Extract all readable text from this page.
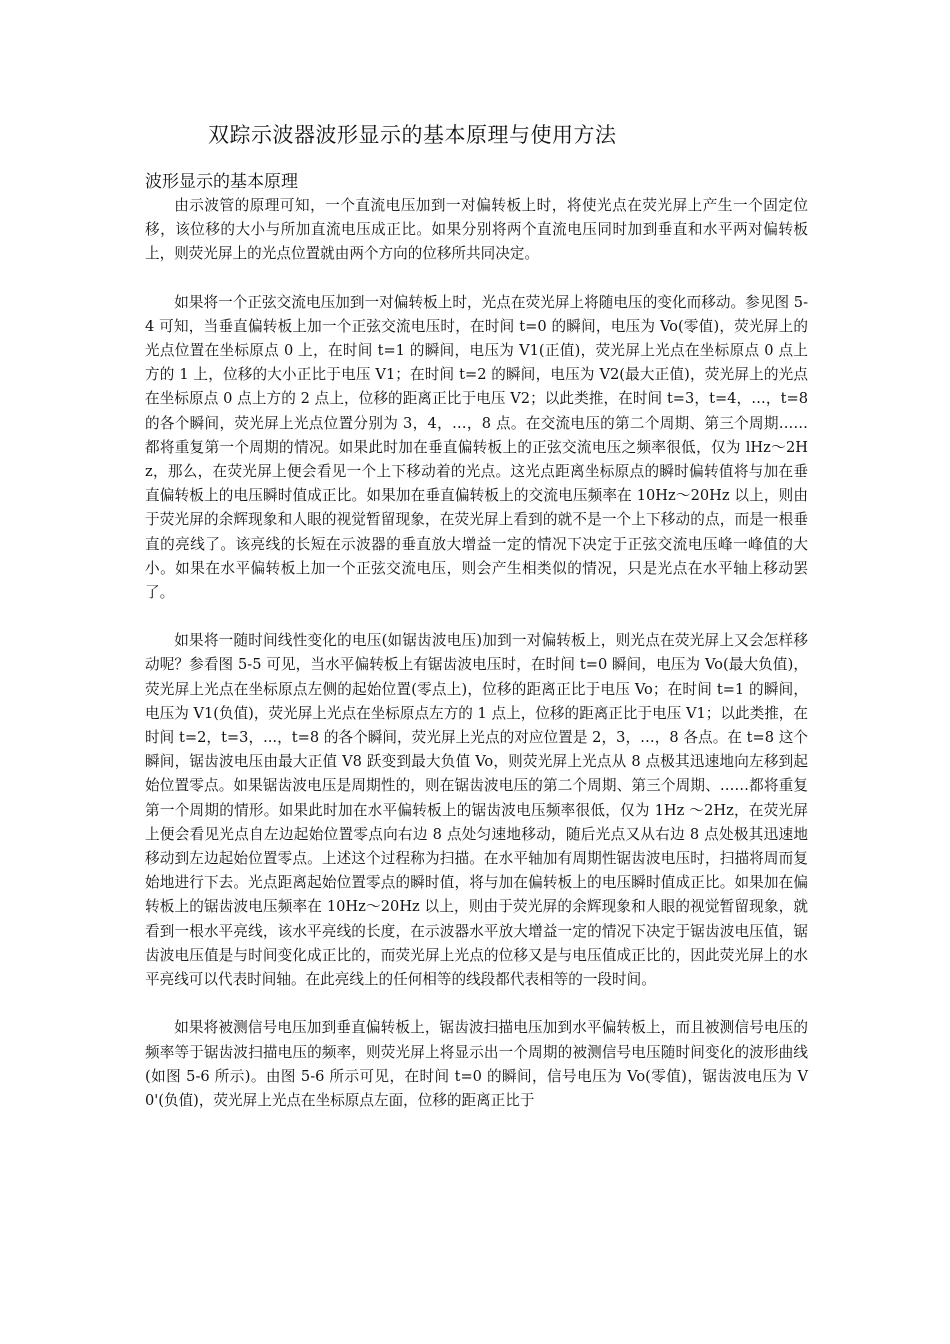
双踪示波器波形显示的基本原理与使用方法
波形显示的基本原理

由示波管的原理可知，一个直流电压加到一对偏转板上时，将使光点在荧光屏上产生一个固定位移，该位移的大小与所加直流电压成正比。如果分别将两个直流电压同时加到垂直和水平两对偏转板上，则荧光屏上的光点位置就由两个方向的位移所共同决定。

如果将一个正弦交流电压加到一对偏转板上时，光点在荧光屏上将随电压的变化而移动。参见图 5-4 可知，当垂直偏转板上加一个正弦交流电压时，在时间 t=0 的瞬间，电压为 Vo(零值)，荧光屏上的光点位置在坐标原点 0 上，在时间 t=1 的瞬间，电压为 V1(正值)，荧光屏上光点在坐标原点 0 点上方的 1 上，位移的大小正比于电压 V1；在时间 t=2 的瞬间，电压为 V2(最大正值)，荧光屏上的光点在坐标原点 0 点上方的 2 点上，位移的距离正比于电压 V2；以此类推，在时间 t=3，t=4，…，t=8 的各个瞬间，荧光屏上光点位置分别为 3，4，…，8 点。在交流电压的第二个周期、第三个周期……都将重复第一个周期的情况。如果此时加在垂直偏转板上的正弦交流电压之频率很低，仅为 lHz～2Hz，那么，在荧光屏上便会看见一个上下移动着的光点。这光点距离坐标原点的瞬时偏转值将与加在垂直偏转板上的电压瞬时值成正比。如果加在垂直偏转板上的交流电压频率在 10Hz～20Hz 以上，则由于荧光屏的余辉现象和人眼的视觉暂留现象，在荧光屏上看到的就不是一个上下移动的点，而是一根垂直的亮线了。该亮线的长短在示波器的垂直放大增益一定的情况下决定于正弦交流电压峰一峰值的大小。如果在水平偏转板上加一个正弦交流电压，则会产生相类似的情况，只是光点在水平轴上移动罢了。

如果将一随时间线性变化的电压(如锯齿波电压)加到一对偏转板上，则光点在荧光屏上又会怎样移动呢？参看图 5-5 可见，当水平偏转板上有锯齿波电压时，在时间 t=0 瞬间，电压为 Vo(最大负值)，荧光屏上光点在坐标原点左侧的起始位置(零点上)，位移的距离正比于电压 Vo；在时间 t=1 的瞬间，电压为 V1(负值)，荧光屏上光点在坐标原点左方的 1 点上，位移的距离正比于电压 V1；以此类推，在时间 t=2，t=3，...，t=8 的各个瞬间，荧光屏上光点的对应位置是 2，3，…，8 各点。在 t=8 这个瞬间，锯齿波电压由最大正值 V8 跃变到最大负值 Vo，则荧光屏上光点从 8 点极其迅速地向左移到起始位置零点。如果锯齿波电压是周期性的，则在锯齿波电压的第二个周期、第三个周期、……都将重复第一个周期的情形。如果此时加在水平偏转板上的锯齿波电压频率很低，仅为 1Hz ～2Hz，在荧光屏上便会看见光点自左边起始位置零点向右边 8 点处匀速地移动，随后光点又从右边 8 点处极其迅速地移动到左边起始位置零点。上述这个过程称为扫描。在水平轴加有周期性锯齿波电压时，扫描将周而复始地进行下去。光点距离起始位置零点的瞬时值，将与加在偏转板上的电压瞬时值成正比。如果加在偏转板上的锯齿波电压频率在 10Hz～20Hz 以上，则由于荧光屏的余辉现象和人眼的视觉暂留现象，就看到一根水平亮线，该水平亮线的长度，在示波器水平放大增益一定的情况下决定于锯齿波电压值，锯齿波电压值是与时间变化成正比的，而荧光屏上光点的位移又是与电压值成正比的，因此荧光屏上的水平亮线可以代表时间轴。在此亮线上的任何相等的线段都代表相等的一段时间。

如果将被测信号电压加到垂直偏转板上，锯齿波扫描电压加到水平偏转板上，而且被测信号电压的频率等于锯齿波扫描电压的频率，则荧光屏上将显示出一个周期的被测信号电压随时间变化的波形曲线(如图 5-6 所示)。由图 5-6 所示可见，在时间 t=0 的瞬间，信号电压为 Vo(零值)，锯齿波电压为 V0'(负值)，荧光屏上光点在坐标原点左面，位移的距离正比于
